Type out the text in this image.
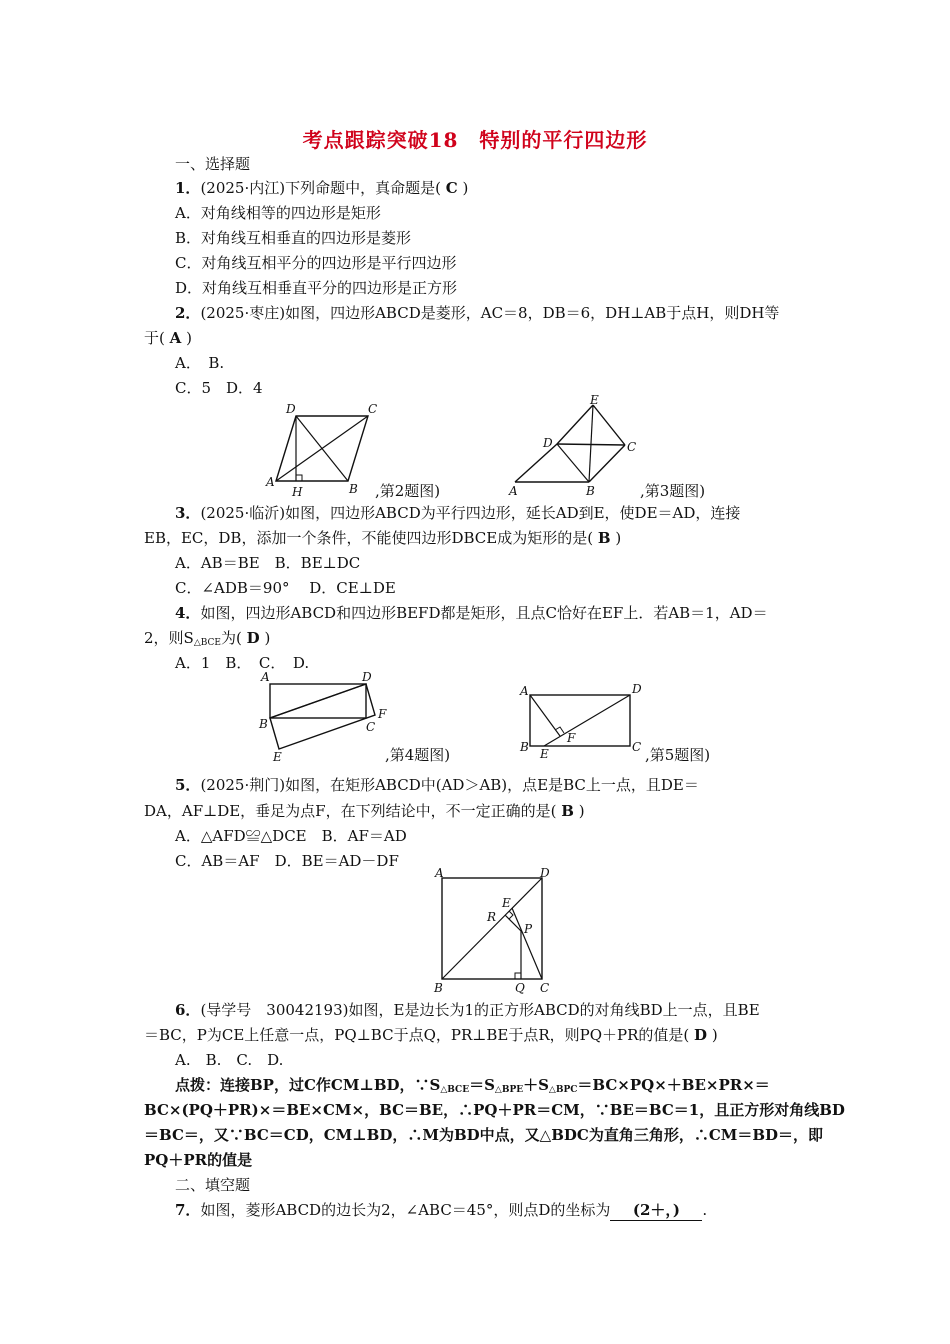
考点跟踪突破18　特别的平行四边形
一、选择题
1．(2025·内江)下列命题中，真命题是( C )
A．对角线相等的四边形是矩形
B．对角线互相垂直的四边形是菱形
C．对角线互相平分的四边形是平行四边形
D．对角线互相垂直平分的四边形是正方形
2．(2025·枣庄)如图，四边形ABCD是菱形，AC＝8，DB＝6，DH⊥AB于点H，则DH等
于( A )
A．　B.
C．5　D．4
D	C
A
H	B ,第2题图)
E
D	C
A	B	,第3题图)
3．(2025·临沂)如图，四边形ABCD为平行四边形，延长AD到E，使DE＝AD，连接
EB，EC，DB，添加一个条件，不能使四边形DBCE成为矩形的是( B )
A．AB＝BE　B．BE⊥DC
C．∠ADB＝90°　 D．CE⊥DE
4．如图，四边形ABCD和四边形BEFD都是矩形，且点C恰好在EF上．若AB＝1，AD＝
2，则$S_{\triangle BCE}$为( D )
A．1　B．　C．　D.
A	D
B	C
F
E	,第4题图)
A	D
B E
F
C ,第5题图)
5．(2025·荆门)如图，在矩形ABCD中(AD＞AB)，点E是BC上一点，且DE＝
DA，AF⊥DE，垂足为点F，在下列结论中，不一定正确的是( B )
A．△AFD≌△DCE　B．AF＝AD
C．AB＝AF　D．BE＝AD－DF
A	D
E
R
P
B	Q C
6．(导学号　30042193)如图，E是边长为1的正方形ABCD的对角线BD上一点，且BE
＝BC，P为CE上任意一点，PQ⊥BC于点Q，PR⊥BE于点R，则PQ＋PR的值是( D )
A.　B.　C.　D.
点拨：连接BP，过C作CM⊥BD，$\because S_{\triangle BCE}=S_{\triangle BPE}+S_{\triangle BPC}=BC\times PQ\times+BE\times PR\times=$
BC×(PQ＋PR)×＝BE×CM×，BC＝BE，∴PQ＋PR＝CM，∵BE＝BC＝1，且正方形对角线BD
＝BC＝，又∵BC＝CD，CM⊥BD，∴M为BD中点，又△BDC为直角三角形，∴CM＝BD＝，即
PQ＋PR的值是
二、填空题
7．如图，菱形ABCD的边长为2，∠ABC＝45°，则点D的坐标为 (2＋，) .
